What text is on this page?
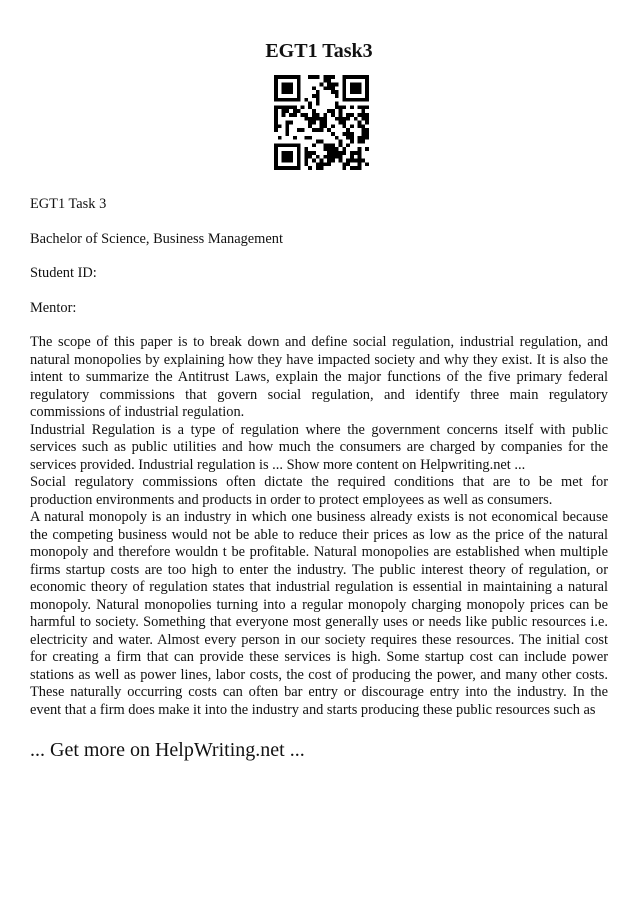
EGT1 Task3

EGT1 Task 3

Bachelor of Science, Business Management

Student ID:

Mentor:

The scope of this paper is to break down and define social regulation, industrial regulation, and natural monopolies by explaining how they have impacted society and why they exist. It is also the intent to summarize the Antitrust Laws, explain the major functions of the five primary federal regulatory commissions that govern social regulation, and identify three main regulatory commissions of industrial regulation.

Industrial Regulation is a type of regulation where the government concerns itself with public services such as public utilities and how much the consumers are charged by companies for the services provided. Industrial regulation is ... Show more content on Helpwriting.net ...

Social regulatory commissions often dictate the required conditions that are to be met for production environments and products in order to protect employees as well as consumers.

A natural monopoly is an industry in which one business already exists is not economical because the competing business would not be able to reduce their prices as low as the price of the natural monopoly and therefore wouldn t be profitable. Natural monopolies are established when multiple firms startup costs are too high to enter the industry. The public interest theory of regulation, or economic theory of regulation states that industrial regulation is essential in maintaining a natural monopoly. Natural monopolies turning into a regular monopoly charging monopoly prices can be harmful to society. Something that everyone most generally uses or needs like public resources i.e. electricity and water. Almost every person in our society requires these resources. The initial cost for creating a firm that can provide these services is high. Some startup cost can include power stations as well as power lines, labor costs, the cost of producing the power, and many other costs. These naturally occurring costs can often bar entry or discourage entry into the industry. In the event that a firm does make it into the industry and starts producing these public resources such as

... Get more on HelpWriting.net ...
